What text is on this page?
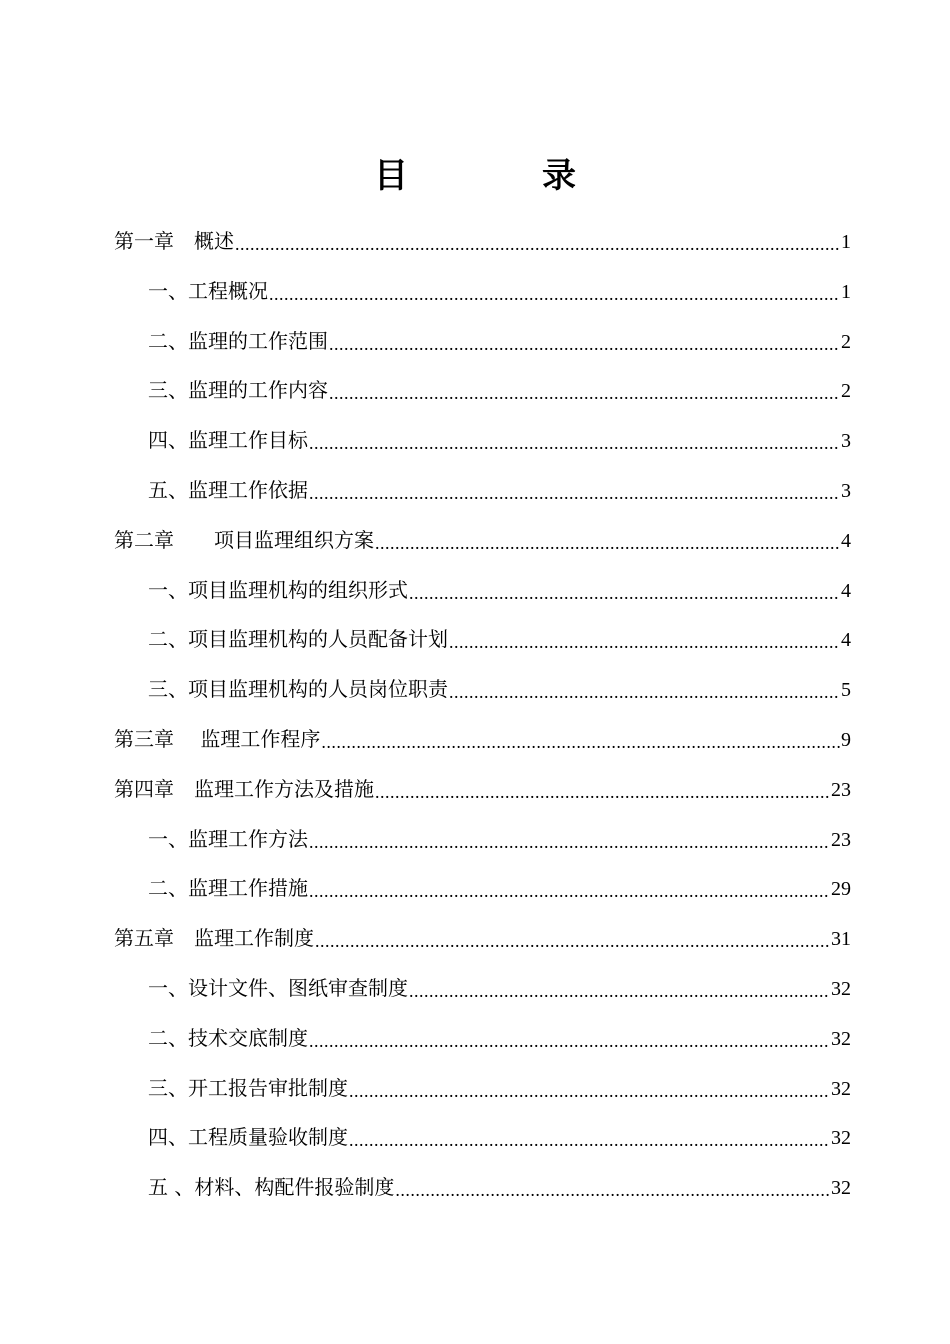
目　录
第一章　概述 .....	1
一、工程概况 .....	1
二、监理的工作范围 .....	2
三、监理的工作内容 .....	2
四、监理工作目标 .....	3
五、监理工作依据 .....	3
第二章　　项目监理组织方案 .....	4
一、项目监理机构的组织形式 .....	4
二、项目监理机构的人员配备计划 .....	4
三、项目监理机构的人员岗位职责 .....	5
第三章　 监理工作程序 .....	9
第四章　监理工作方法及措施 .....	23
一、监理工作方法 .....	23
二、监理工作措施 .....	29
第五章　监理工作制度 .....	31
一、设计文件、图纸审查制度 .....	32
二、技术交底制度 .....	32
三、开工报告审批制度 .....	32
四、工程质量验收制度 .....	32
五 、材料、构配件报验制度 .....	32
